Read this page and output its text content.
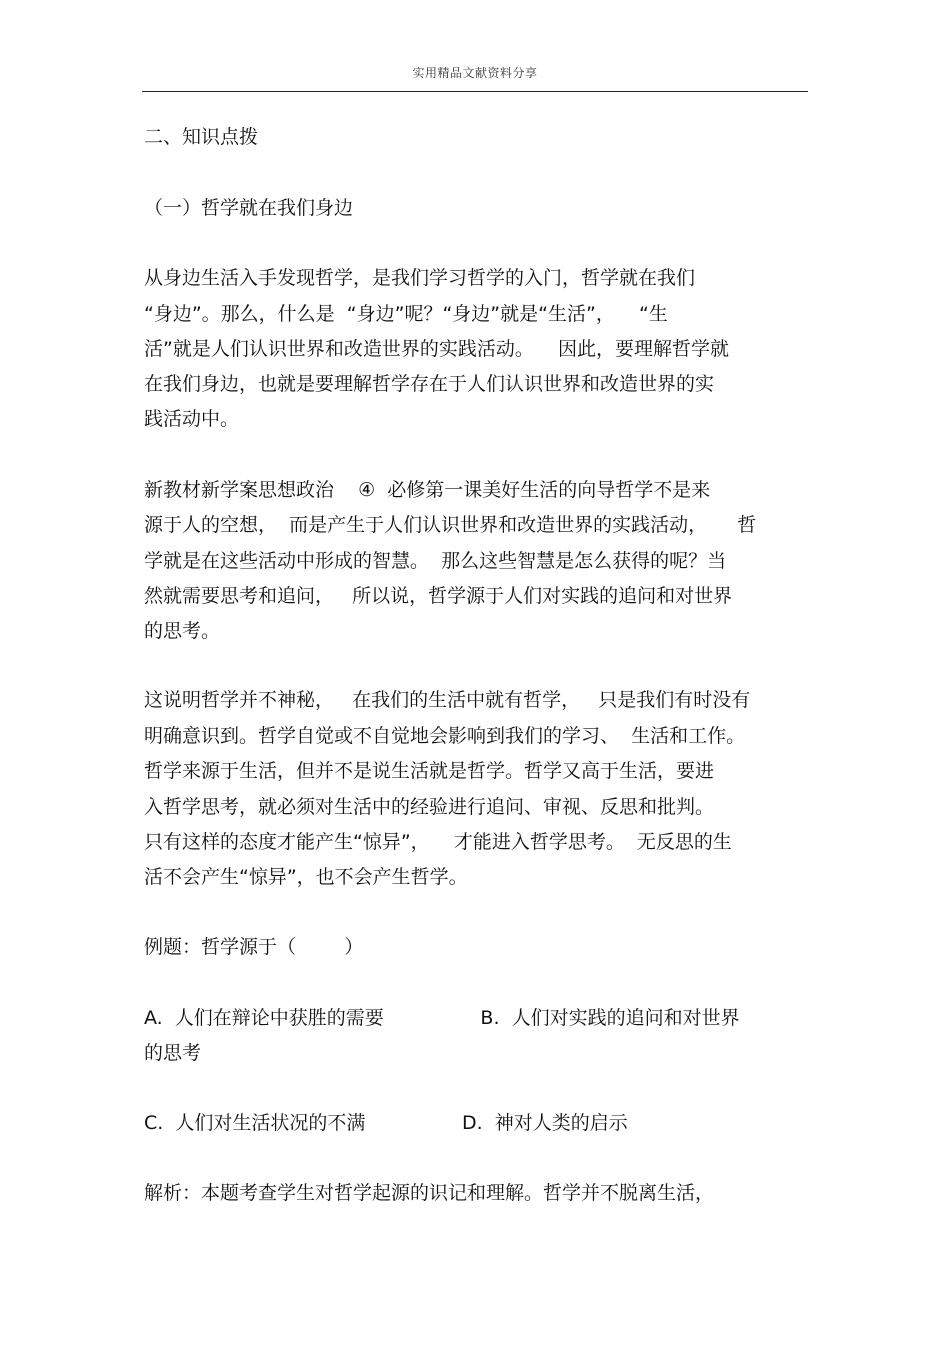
实用精品文献资料分享
二、知识点拨
（一）哲学就在我们身边
从身边生活入手发现哲学，是我们学习哲学的入门，哲学就在我们
“身边”。那么，什么是  “身边”呢？“身边”就是“生活”，    “生
活”就是人们认识世界和改造世界的实践活动。    因此，要理解哲学就
在我们身边，也就是要理解哲学存在于人们认识世界和改造世界的实
践活动中。
新教材新学案思想政治    ④  必修第一课美好生活的向导哲学不是来
源于人的空想，  而是产生于人们认识世界和改造世界的实践活动，     哲
学就是在这些活动中形成的智慧。  那么这些智慧是怎么获得的呢？当
然就需要思考和追问，   所以说，哲学源于人们对实践的追问和对世界
的思考。
这说明哲学并不神秘，   在我们的生活中就有哲学，   只是我们有时没有
明确意识到。哲学自觉或不自觉地会影响到我们的学习、  生活和工作。
哲学来源于生活，但并不是说生活就是哲学。哲学又高于生活，要进
入哲学思考，就必须对生活中的经验进行追问、审视、反思和批判。
只有这样的态度才能产生“惊异”，    才能进入哲学思考。  无反思的生
活不会产生“惊异”，也不会产生哲学。
例题：哲学源于（        ）
A.  人们在辩论中获胜的需要                B.  人们对实践的追问和对世界
的思考
C.  人们对生活状况的不满                D.  神对人类的启示
解析：本题考查学生对哲学起源的识记和理解。哲学并不脱离生活，
